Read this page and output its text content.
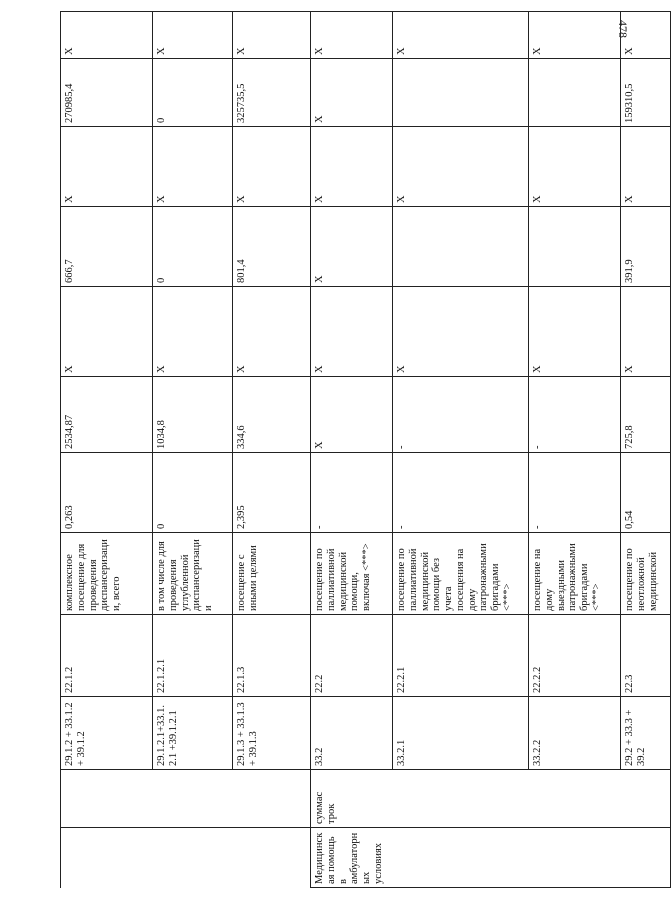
478
		29.1.2 + 33.1.2 + 39.1.2	22.1.2	комплексное посещение для проведения диспансеризаци и, всего	0,263	2534,87	X	666,7	X	270985,4	X
		29.1.2.1+33.1.2.1 +39.1.2.1	22.1.2.1	в том числе для проведения углубленной диспансеризаци и	0	1034,8	X	0	X	0	X
		29.1.3 + 33.1.3 + 39.1.3	22.1.3	посещение с иными целями	2,395	334,6	X	801,4	X	325735,5	X
Медицинская помощь в амбулаторных условиях	суммас трок	33.2	22.2	посещение по паллиативной медицинской помощи, включая <***>	-	X	X	X	X	X	X
		33.2.1	22.2.1	посещение по паллиативной медицинской помощи без учета посещения на дому патронажными бригадами <***>	-	-	X		X		X
		33.2.2	22.2.2	посещение на дому выездными патронажными бригадами <***>	-	-	X		X		X
		29.2 + 33.3 + 39.2	22.3	посещение по неотложной медицинской	0,54	725,8	X	391,9	X	159310,5	X
